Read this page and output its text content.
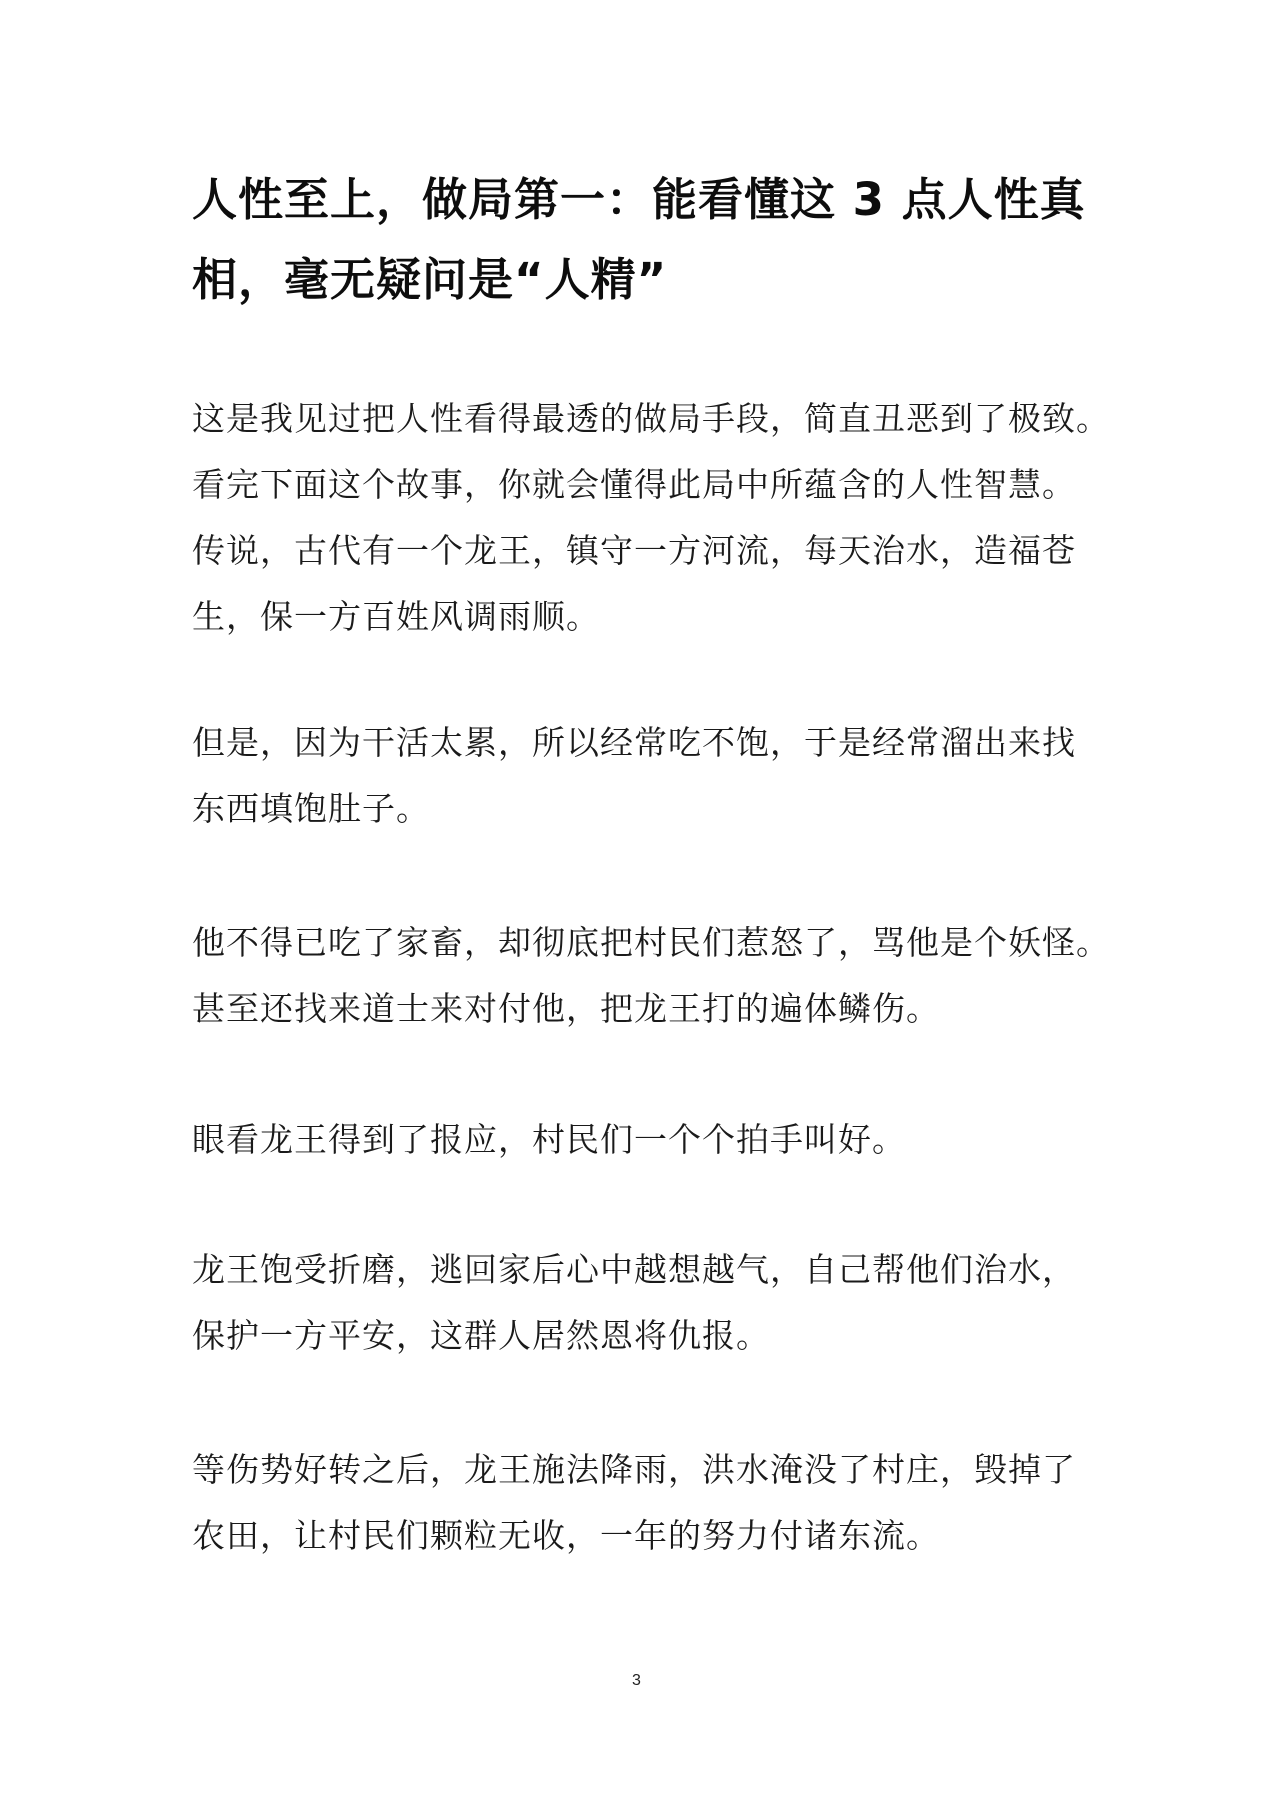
人性至上，做局第一：能看懂这 3 点人性真
相，毫无疑问是“人精”
这是我见过把人性看得最透的做局手段，简直丑恶到了极致。
看完下面这个故事，你就会懂得此局中所蕴含的人性智慧。
传说，古代有一个龙王，镇守一方河流，每天治水，造福苍
生，保一方百姓风调雨顺。
但是，因为干活太累，所以经常吃不饱，于是经常溜出来找
东西填饱肚子。
他不得已吃了家畜，却彻底把村民们惹怒了，骂他是个妖怪。
甚至还找来道士来对付他，把龙王打的遍体鳞伤。
眼看龙王得到了报应，村民们一个个拍手叫好。
龙王饱受折磨，逃回家后心中越想越气，自己帮他们治水，
保护一方平安，这群人居然恩将仇报。
等伤势好转之后，龙王施法降雨，洪水淹没了村庄，毁掉了
农田，让村民们颗粒无收，一年的努力付诸东流。
3
